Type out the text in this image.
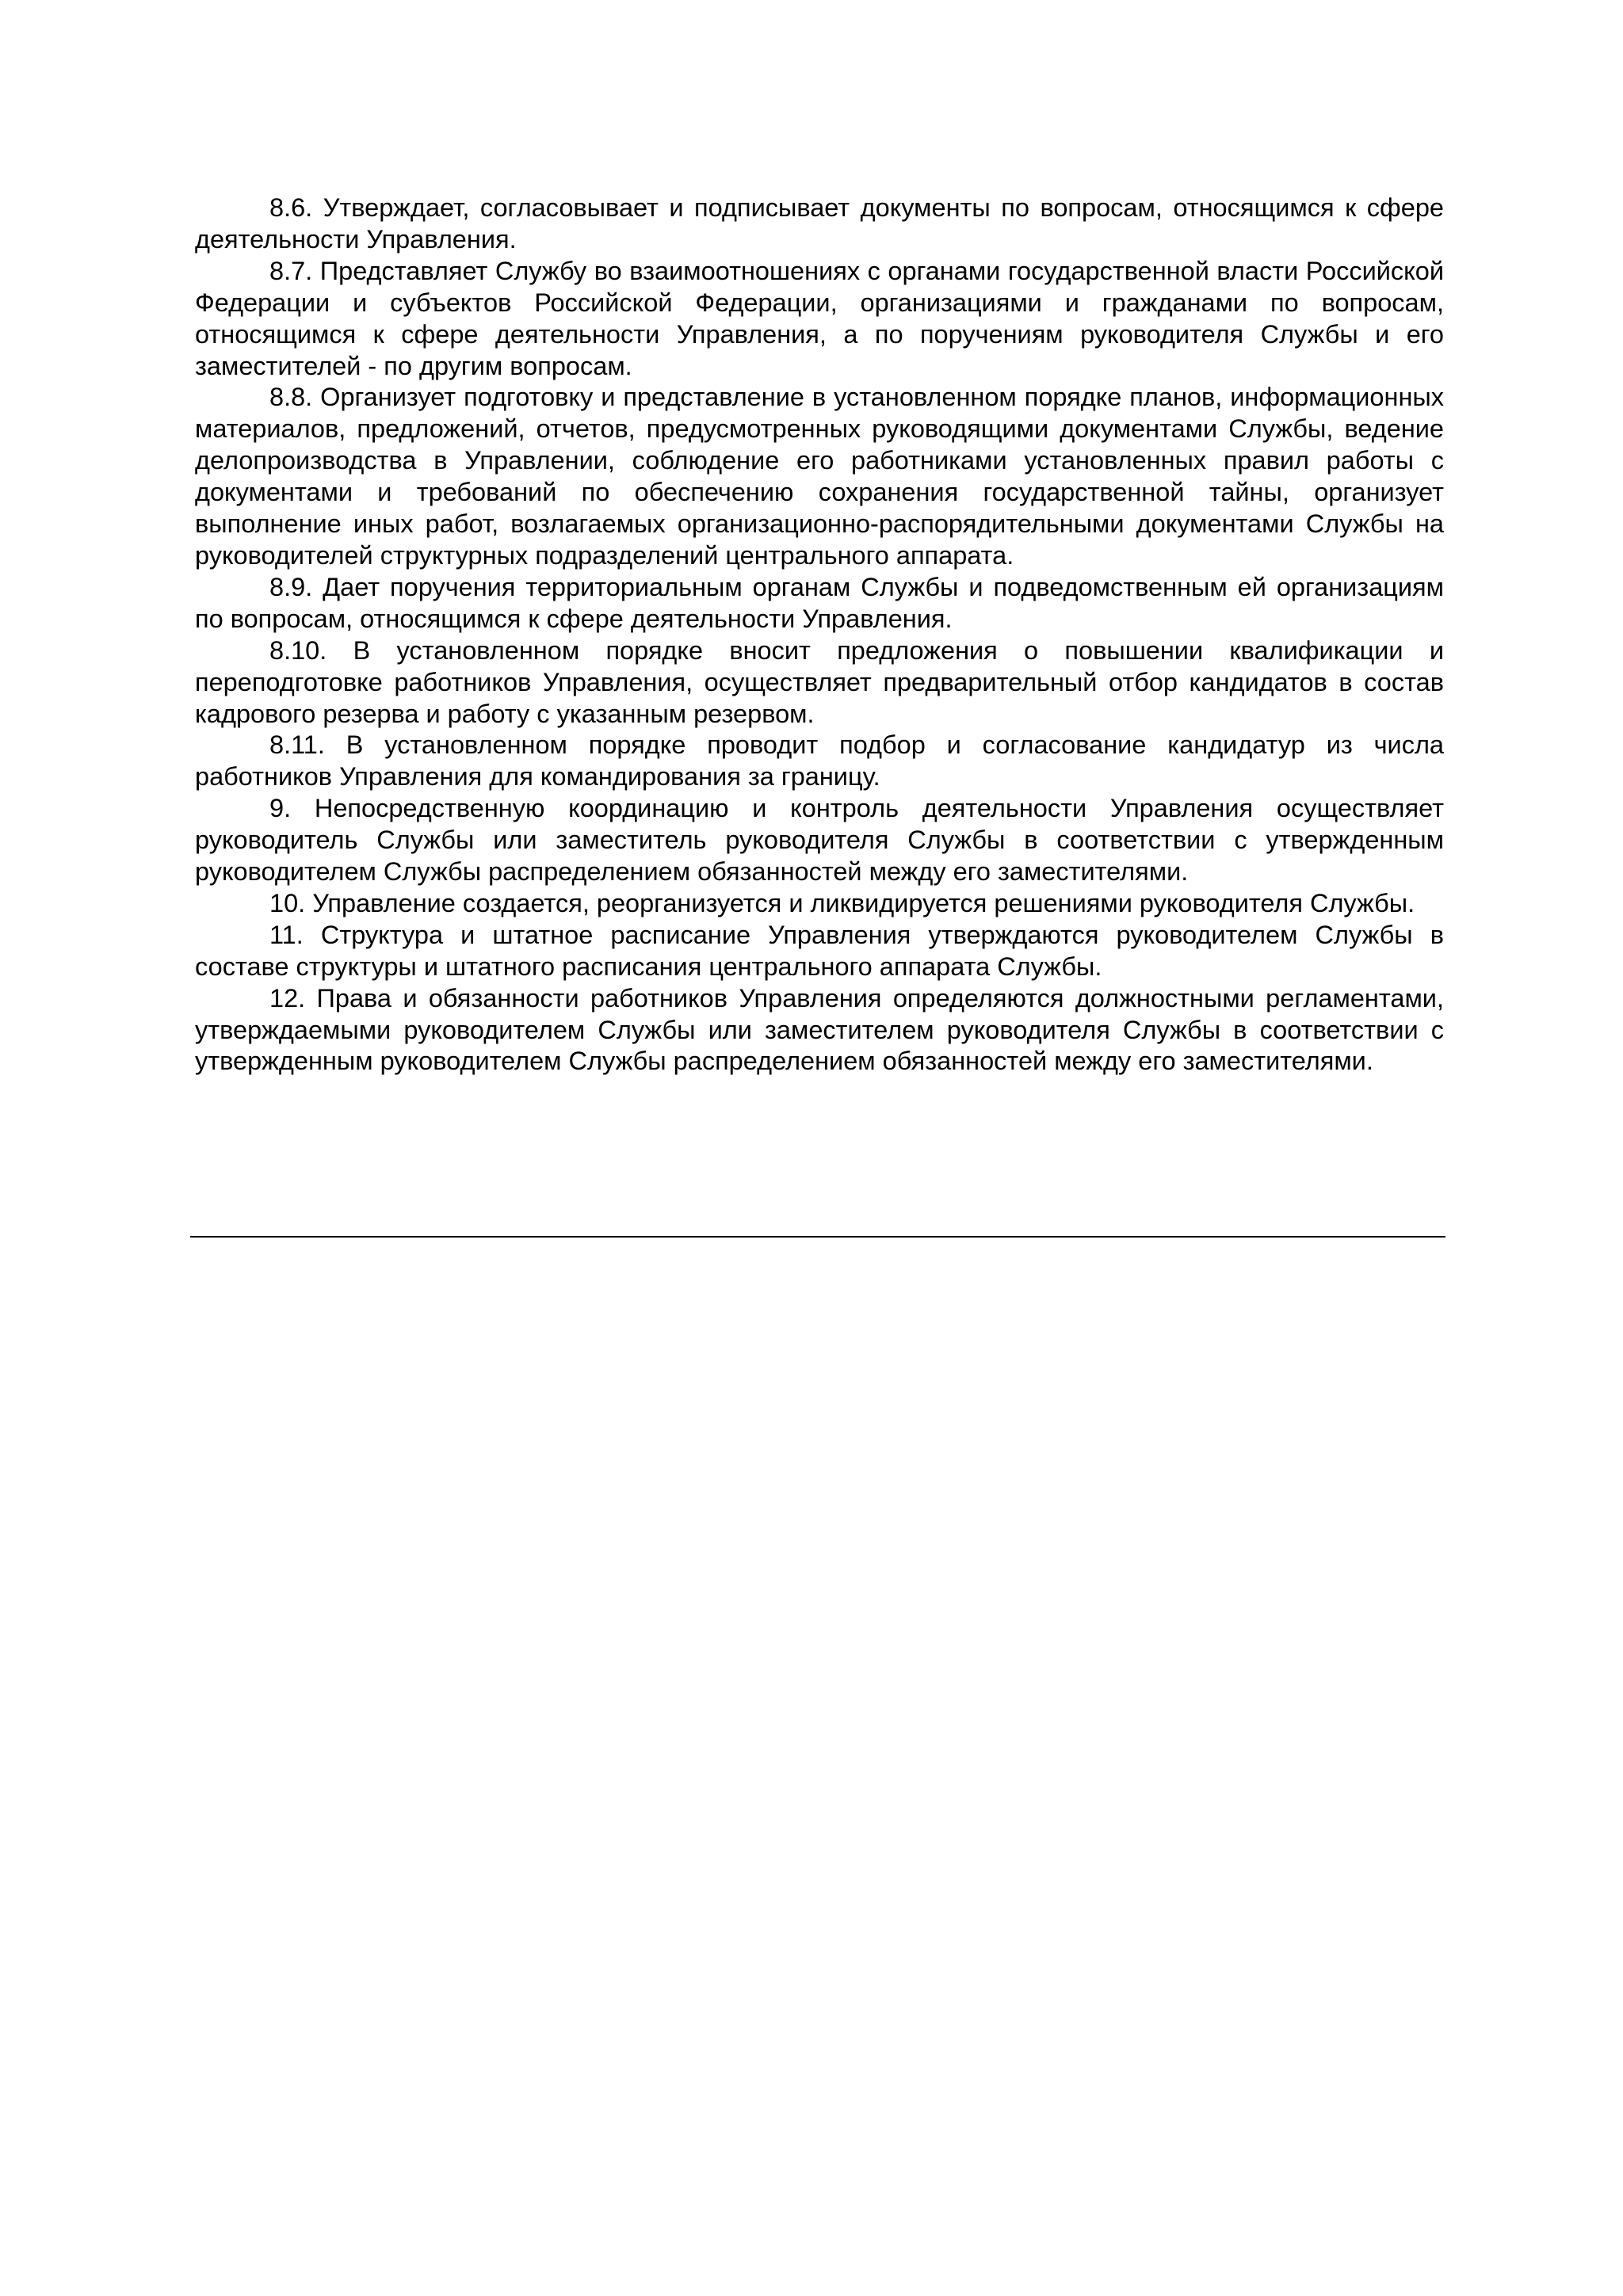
8.6. Утверждает, согласовывает и подписывает документы по вопросам, относящимся к сфере деятельности Управления.

8.7. Представляет Службу во взаимоотношениях с органами государственной власти Российской Федерации и субъектов Российской Федерации, организациями и гражданами по вопросам, относящимся к сфере деятельности Управления, а по поручениям руководителя Службы и его заместителей - по другим вопросам.

8.8. Организует подготовку и представление в установленном порядке планов, информационных материалов, предложений, отчетов, предусмотренных руководящими документами Службы, ведение делопроизводства в Управлении, соблюдение его работниками установленных правил работы с документами и требований по обеспечению сохранения государственной тайны, организует выполнение иных работ, возлагаемых организационно-распорядительными документами Службы на руководителей структурных подразделений центрального аппарата.

8.9. Дает поручения территориальным органам Службы и подведомственным ей организациям по вопросам, относящимся к сфере деятельности Управления.

8.10. В установленном порядке вносит предложения о повышении квалификации и переподготовке работников Управления, осуществляет предварительный отбор кандидатов в состав кадрового резерва и работу с указанным резервом.

8.11. В установленном порядке проводит подбор и согласование кандидатур из числа работников Управления для командирования за границу.

9. Непосредственную координацию и контроль деятельности Управления осуществляет руководитель Службы или заместитель руководителя Службы в соответствии с утвержденным руководителем Службы распределением обязанностей между его заместителями.

10. Управление создается, реорганизуется и ликвидируется решениями руководителя Службы.

11. Структура и штатное расписание Управления утверждаются руководителем Службы в составе структуры и штатного расписания центрального аппарата Службы.

12. Права и обязанности работников Управления определяются должностными регламентами, утверждаемыми руководителем Службы или заместителем руководителя Службы в соответствии с утвержденным руководителем Службы распределением обязанностей между его заместителями.
